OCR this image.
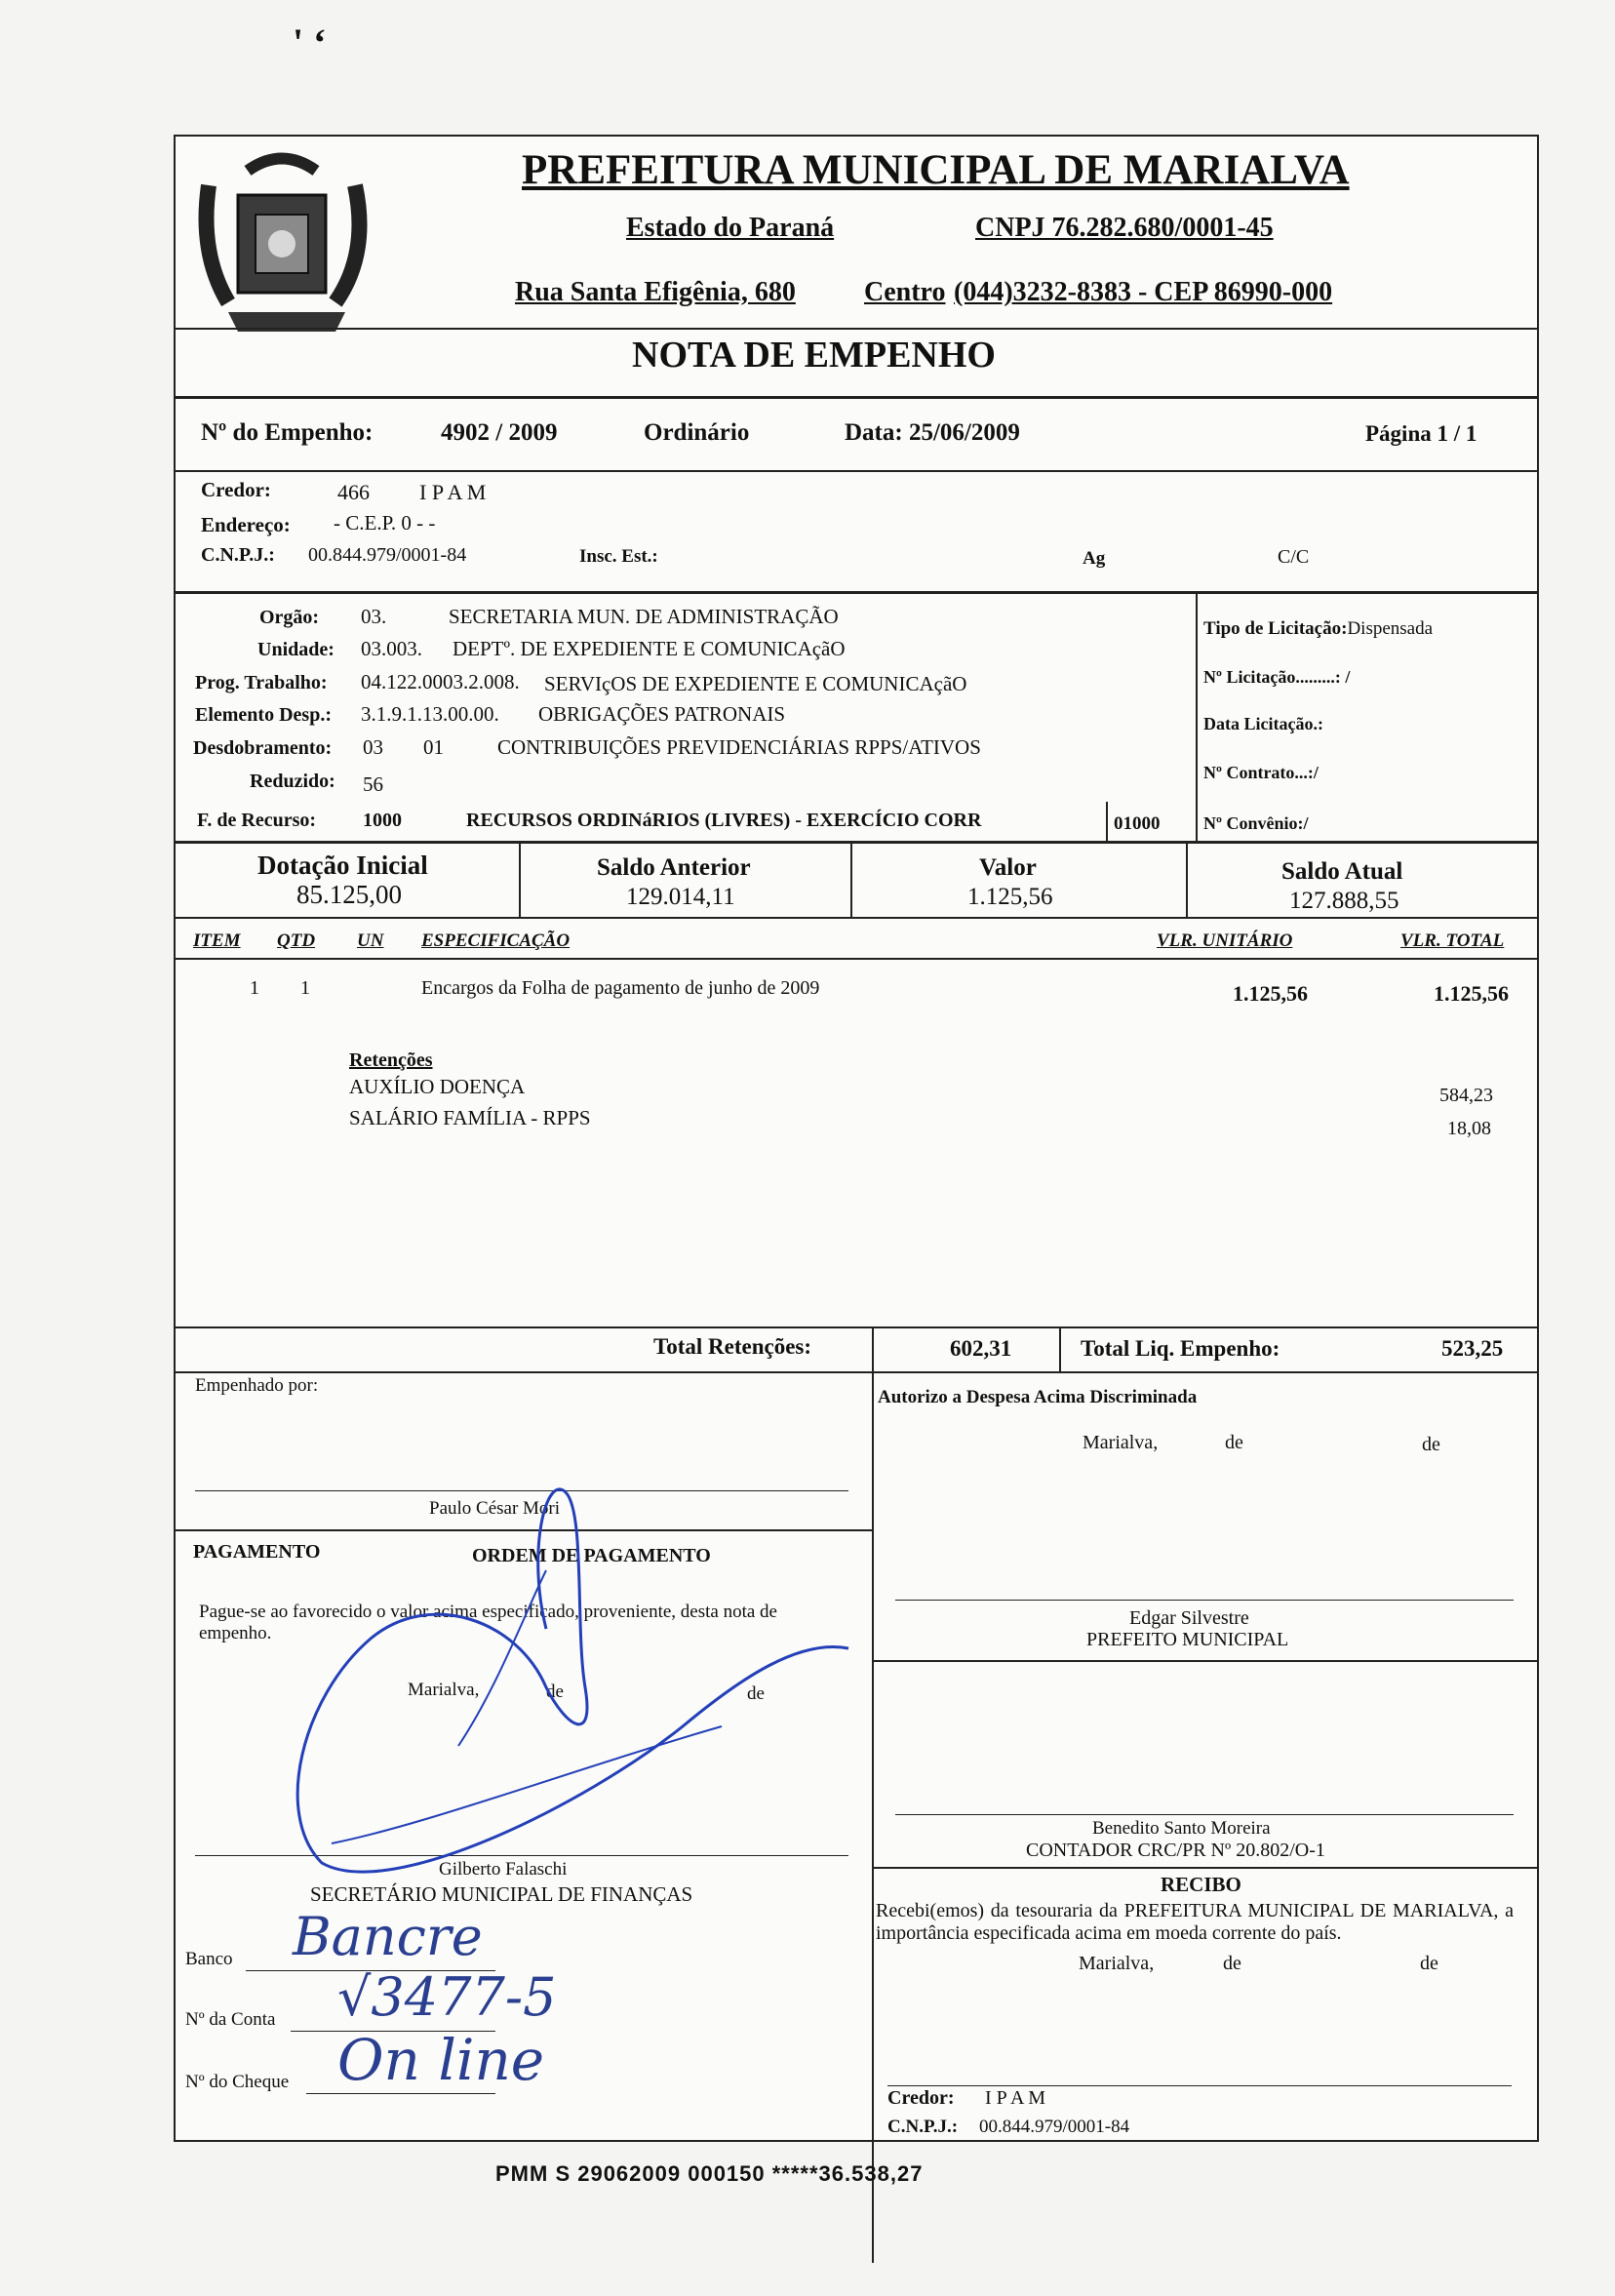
' ‘
PREFEITURA MUNICIPAL DE MARIALVA
Estado do Paraná	CNPJ 76.282.680/0001-45
Rua Santa Efigênia, 680	Centro (044)3232-8383 - CEP 86990-000
NOTA DE EMPENHO
Nº do Empenho:	4902 / 2009	Ordinário	Data: 25/06/2009	Página 1 / 1
Credor:	466 I P A M
Endereço: - C.E.P. 0 - -
C.N.P.J.: 00.844.979/0001-84	Insc. Est.:	Ag	C/C
Orgão: 03.	SECRETARIA MUN. DE ADMINISTRAÇÃO
Unidade: 03.003. DEPTº. DE EXPEDIENTE E COMUNICAçãO
Prog. Trabalho: 04.122.0003.2.008. SERVIçOS DE EXPEDIENTE E COMUNICAçãO
Elemento Desp.: 3.1.9.1.13.00.00. OBRIGAÇÕES PATRONAIS
Desdobramento: 03 01	CONTRIBUIÇÕES PREVIDENCIÁRIAS RPPS/ATIVOS
Reduzido: 56
F. de Recurso: 1000	RECURSOS ORDINáRIOS (LIVRES) - EXERCÍCIO CORR	01000
Tipo de Licitação:Dispensada
Nº Licitação.........: /
Data Licitação.:
Nº Contrato...:/
Nº Convênio:/
Dotação Inicial
85.125,00
Saldo Anterior
129.014,11
Valor
1.125,56
Saldo Atual
127.888,55
ITEM QTD UN ESPECIFICAÇÃO	VLR. UNITÁRIO	VLR. TOTAL
1 1	Encargos da Folha de pagamento de junho de 2009	1.125,56	1.125,56
Retenções
AUXÍLIO DOENÇA	584,23
SALÁRIO FAMÍLIA - RPPS	18,08
Total Retenções:	602,31	Total Liq. Empenho:	523,25
Empenhado por:
Paulo César Mori
Autorizo a Despesa Acima Discriminada
Marialva,	de	de
PAGAMENTO	ORDEM DE PAGAMENTO
Pague-se ao favorecido o valor acima especificado, proveniente, desta nota de empenho.
Marialva,	de	de
Edgar Silvestre
PREFEITO MUNICIPAL
Gilberto Falaschi
SECRETÁRIO MUNICIPAL DE FINANÇAS
Benedito Santo Moreira
CONTADOR CRC/PR Nº 20.802/O-1
RECIBO
Recebi(emos) da tesouraria da PREFEITURA MUNICIPAL DE MARIALVA, a importância especificada acima em moeda corrente do país.
Marialva,	de	de
Credor: I P A M
C.N.P.J.: 00.844.979/0001-84
Banco Bancre
Nº da Conta √3477-5
Nº do Cheque On line
PMM S 29062009 000150 *****36.538,27
